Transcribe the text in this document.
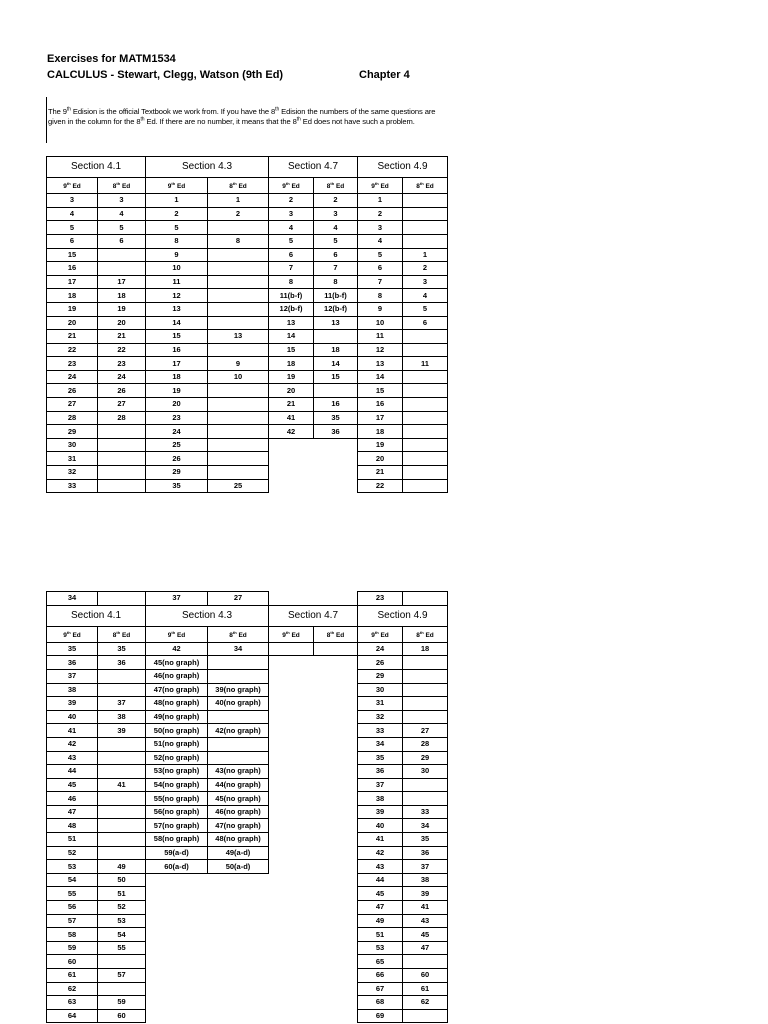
Exercises for MATM1534
CALCULUS - Stewart, Clegg, Watson (9th Ed)	Chapter 4

The 9th Edision is the official Textbook we work from. If you have the 8th Edision the numbers of the same questions are given in the column for the 8th Ed. If there are no number, it means that the 8th Ed does not have such a problem.

Section 4.1		Section 4.3		Section 4.7		Section 4.9	
9th Ed	8th Ed	9th Ed	8th Ed	9th Ed	8th Ed	9th Ed	8th Ed
3	3	1	1	2	2	1	
4	4	2	2	3	3	2	
5	5	5		4	4	3	
6	6	8	8	5	5	4	
15		9		6	6	5	1
16		10		7	7	6	2
17	17	11		8	8	7	3
18	18	12		11(b-f)	11(b-f)	8	4
19	19	13		12(b-f)	12(b-f)	9	5
20	20	14		13	13	10	6
21	21	15	13	14		11	
22	22	16		15	18	12	
23	23	17	9	18	14	13	11
24	24	18	10	19	15	14	
26	26	19		20		15	
27	27	20		21	16	16	
28	28	23		41	35	17	
29		24		42	36	18	
30		25				19	
31		26				20	
32		29				21	
33		35	25			22	
34		37	27			23	
Section 4.1		Section 4.3		Section 4.7		Section 4.9	
9th Ed	8th Ed	9th Ed	8th Ed	9th Ed	8th Ed	9th Ed	8th Ed
35	35	42	34			24	18
36	36	45(no graph)				26	
37		46(no graph)				29	
38		47(no graph)	39(no graph)			30	
39	37	48(no graph)	40(no graph)			31	
40	38	49(no graph)				32	
41	39	50(no graph)	42(no graph)			33	27
42		51(no graph)				34	28
43		52(no graph)				35	29
44		53(no graph)	43(no graph)			36	30
45	41	54(no graph)	44(no graph)			37	
46		55(no graph)	45(no graph)			38	
47		56(no graph)	46(no graph)			39	33
48		57(no graph)	47(no graph)			40	34
51		58(no graph)	48(no graph)			41	35
52		59(a-d)	49(a-d)			42	36
53	49	60(a-d)	50(a-d)			43	37
54	50					44	38
55	51					45	39
56	52					47	41
57	53					49	43
58	54					51	45
59	55					53	47
60						65	
61	57					66	60
62						67	61
63	59					68	62
64	60					69	
